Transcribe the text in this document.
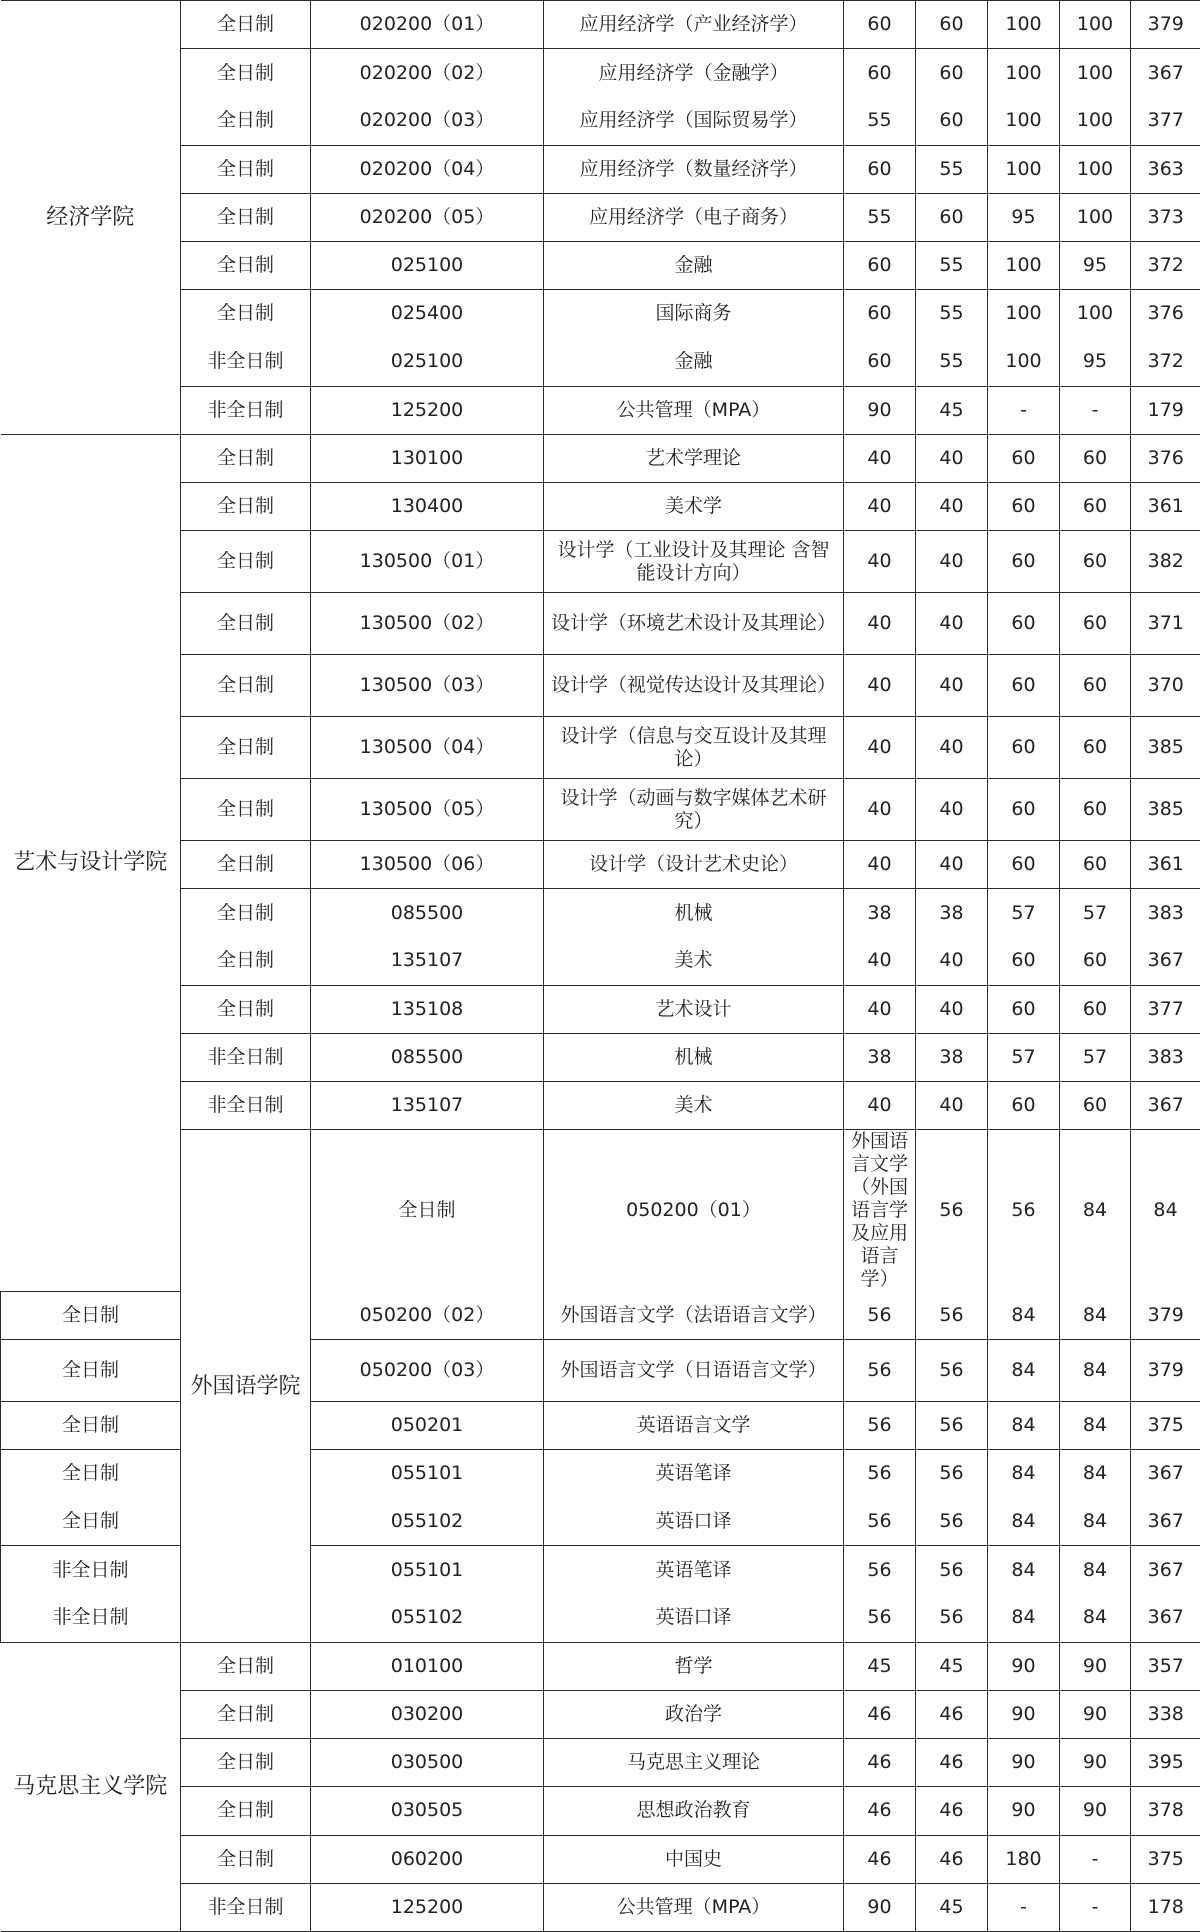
经济学院	全日制	020200（01）	应用经济学（产业经济学）	60	60	100	100	379	
	全日制	020200（02）	应用经济学（金融学）	60	60	100	100	367	
	全日制	020200（03）	应用经济学（国际贸易学）	55	60	100	100	377	
	全日制	020200（04）	应用经济学（数量经济学）	60	55	100	100	363	
	全日制	020200（05）	应用经济学（电子商务）	55	60	95	100	373	
	全日制	025100	金融	60	55	100	95	372	
	全日制	025400	国际商务	60	55	100	100	376	
	非全日制	025100	金融	60	55	100	95	372	
	非全日制	125200	公共管理（MPA）	90	45	-	-	179	
艺术与设计学院	全日制	130100	艺术学理论	40	40	60	60	376	
	全日制	130400	美术学	40	40	60	60	361	
	全日制	130500（01）	设计学（工业设计及其理论 含智能设计方向）	40	40	60	60	382	
	全日制	130500（02）	设计学（环境艺术设计及其理论）	40	40	60	60	371	
	全日制	130500（03）	设计学（视觉传达设计及其理论）	40	40	60	60	370	
	全日制	130500（04）	设计学（信息与交互设计及其理论）	40	40	60	60	385	
	全日制	130500（05）	设计学（动画与数字媒体艺术研究）	40	40	60	60	385	
	全日制	130500（06）	设计学（设计艺术史论）	40	40	60	60	361	
	全日制	085500	机械	38	38	57	57	383	
	全日制	135107	美术	40	40	60	60	367	
	全日制	135108	艺术设计	40	40	60	60	377	
	非全日制	085500	机械	38	38	57	57	383	
	非全日制	135107	美术	40	40	60	60	367	
	外国语学院	全日制	050200（01）	外国语言文学（外国语言学及应用语言学）	56	56	84	84	
全日制		050200（02）	外国语言文学（法语语言文学）	56	56	84	84	379	
全日制		050200（03）	外国语言文学（日语语言文学）	56	56	84	84	379	
全日制		050201	英语语言文学	56	56	84	84	375	
全日制		055101	英语笔译	56	56	84	84	367	
全日制		055102	英语口译	56	56	84	84	367	
非全日制		055101	英语笔译	56	56	84	84	367	
非全日制		055102	英语口译	56	56	84	84	367	
马克思主义学院	全日制	010100	哲学	45	45	90	90	357	
	全日制	030200	政治学	46	46	90	90	338	
	全日制	030500	马克思主义理论	46	46	90	90	395	
	全日制	030505	思想政治教育	46	46	90	90	378	
	全日制	060200	中国史	46	46	180	-	375	
	非全日制	125200	公共管理（MPA）	90	45	-	-	178	
